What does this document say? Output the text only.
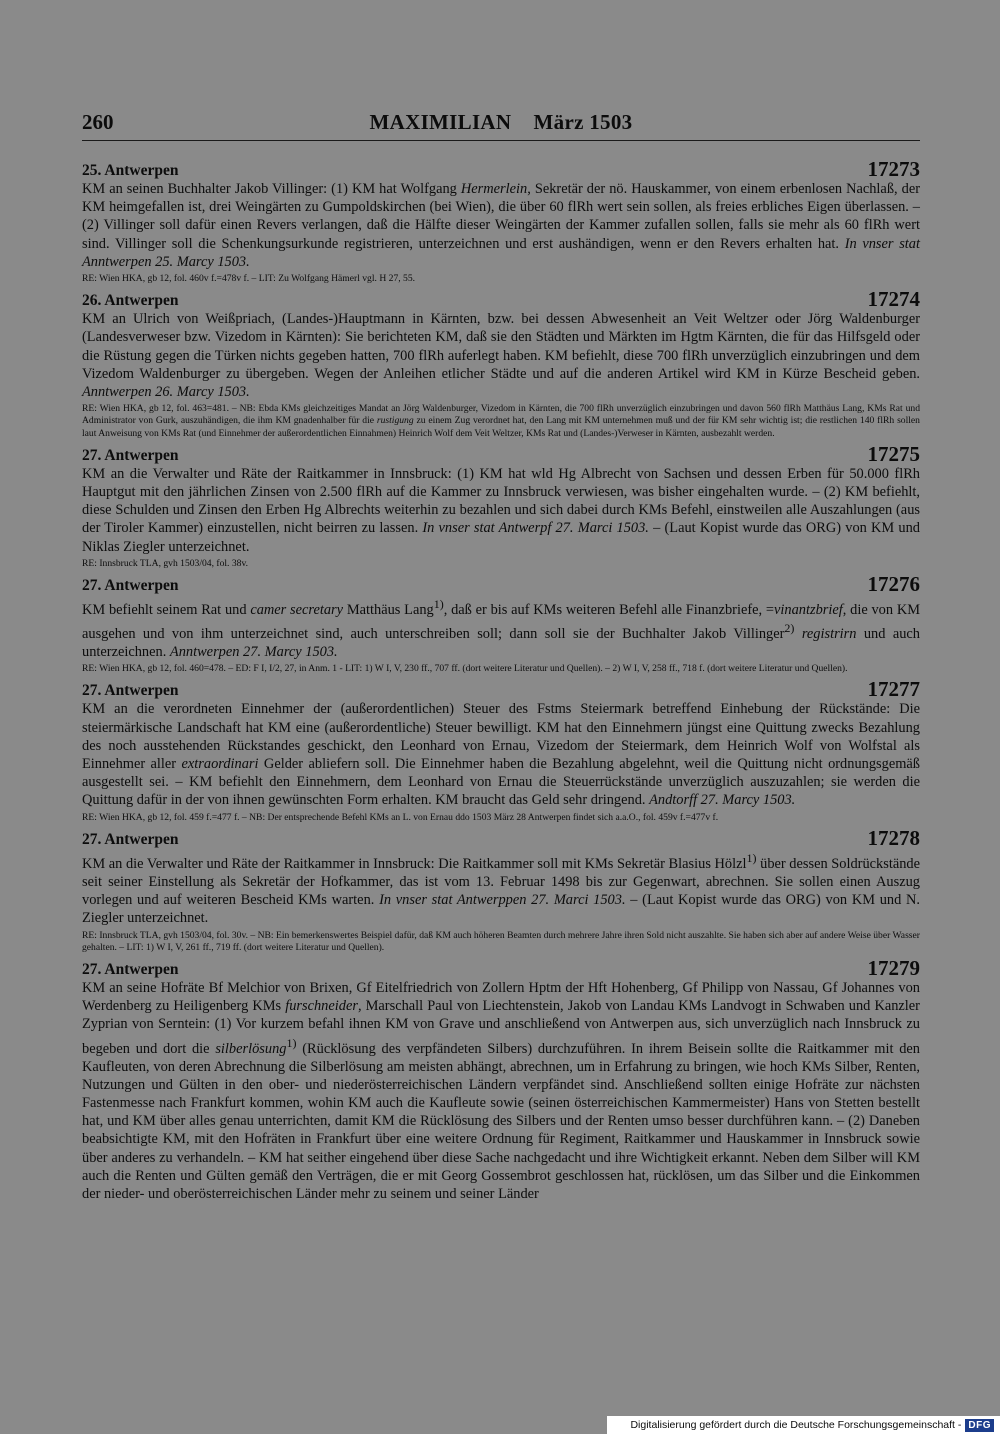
260	MAXIMILIAN    März 1503
25. Antwerpen	17273
KM an seinen Buchhalter Jakob Villinger: (1) KM hat Wolfgang Hermerlein, Sekretär der nö. Hauskammer, von einem erbenlosen Nachlaß, der KM heimgefallen ist, drei Weingärten zu Gumpoldskirchen (bei Wien), die über 60 flRh wert sein sollen, als freies erbliches Eigen überlassen. – (2) Villinger soll dafür einen Revers verlangen, daß die Hälfte dieser Weingärten der Kammer zufallen sollen, falls sie mehr als 60 flRh wert sind. Villinger soll die Schenkungsurkunde registrieren, unterzeichnen und erst aushändigen, wenn er den Revers erhalten hat. In vnser stat Anntwerpen 25. Marcy 1503.
RE: Wien HKA, gb 12, fol. 460v f.=478v f. – LIT: Zu Wolfgang Hämerl vgl. H 27, 55.
26. Antwerpen	17274
KM an Ulrich von Weißpriach, (Landes-)Hauptmann in Kärnten, bzw. bei dessen Abwesenheit an Veit Weltzer oder Jörg Waldenburger (Landesverweser bzw. Vizedom in Kärnten): Sie berichteten KM, daß sie den Städten und Märkten im Hgtm Kärnten, die für das Hilfsgeld oder die Rüstung gegen die Türken nichts gegeben hatten, 700 flRh auferlegt haben. KM befiehlt, diese 700 flRh unverzüglich einzubringen und dem Vizedom Waldenburger zu übergeben. Wegen der Anleihen etlicher Städte und auf die anderen Artikel wird KM in Kürze Bescheid geben. Anntwerpen 26. Marcy 1503.
RE: Wien HKA, gb 12, fol. 463=481. – NB: Ebda KMs gleichzeitiges Mandat an Jörg Waldenburger, Vizedom in Kärnten, die 700 flRh unverzüglich einzubringen und davon 560 flRh Matthäus Lang, KMs Rat und Administrator von Gurk, auszuhändigen, die ihm KM gnadenhalber für die rustigung zu einem Zug verordnet hat, den Lang mit KM unternehmen muß und der für KM sehr wichtig ist; die restlichen 140 flRh sollen laut Anweisung von KMs Rat (und Einnehmer der außerordentlichen Einnahmen) Heinrich Wolf dem Veit Weltzer, KMs Rat und (Landes-)Verweser in Kärnten, ausbezahlt werden.
27. Antwerpen	17275
KM an die Verwalter und Räte der Raitkammer in Innsbruck: (1) KM hat wld Hg Albrecht von Sachsen und dessen Erben für 50.000 flRh Hauptgut mit den jährlichen Zinsen von 2.500 flRh auf die Kammer zu Innsbruck verwiesen, was bisher eingehalten wurde. – (2) KM befiehlt, diese Schulden und Zinsen den Erben Hg Albrechts weiterhin zu bezahlen und sich dabei durch KMs Befehl, einstweilen alle Auszahlungen (aus der Tiroler Kammer) einzustellen, nicht beirren zu lassen. In vnser stat Antwerpf 27. Marci 1503. – (Laut Kopist wurde das ORG) von KM und Niklas Ziegler unterzeichnet.
RE: Innsbruck TLA, gvh 1503/04, fol. 38v.
27. Antwerpen	17276
KM befiehlt seinem Rat und camer secretary Matthäus Lang$^{1)}$, daß er bis auf KMs weiteren Befehl alle Finanzbriefe, =vinantzbrief, die von KM ausgehen und von ihm unterzeichnet sind, auch unterschreiben soll; dann soll sie der Buchhalter Jakob Villinger$^{2)}$ registrirn und auch unterzeichnen. Anntwerpen 27. Marcy 1503.
RE: Wien HKA, gb 12, fol. 460=478. – ED: F I, I/2, 27, in Anm. 1 - LIT: 1) W I, V, 230 ff., 707 ff. (dort weitere Literatur und Quellen). – 2) W I, V, 258 ff., 718 f. (dort weitere Literatur und Quellen).
27. Antwerpen	17277
KM an die verordneten Einnehmer der (außerordentlichen) Steuer des Fstms Steiermark betreffend Einhebung der Rückstände: Die steiermärkische Landschaft hat KM eine (außerordentliche) Steuer bewilligt. KM hat den Einnehmern jüngst eine Quittung zwecks Bezahlung des noch ausstehenden Rückstandes geschickt, den Leonhard von Ernau, Vizedom der Steiermark, dem Heinrich Wolf von Wolfstal als Einnehmer aller extraordinari Gelder abliefern soll. Die Einnehmer haben die Bezahlung abgelehnt, weil die Quittung nicht ordnungsgemäß ausgestellt sei. – KM befiehlt den Einnehmern, dem Leonhard von Ernau die Steuerrückstände unverzüglich auszuzahlen; sie werden die Quittung dafür in der von ihnen gewünschten Form erhalten. KM braucht das Geld sehr dringend. Andtorff 27. Marcy 1503.
RE: Wien HKA, gb 12, fol. 459 f.=477 f. – NB: Der entsprechende Befehl KMs an L. von Ernau ddo 1503 März 28 Antwerpen findet sich a.a.O., fol. 459v f.=477v f.
27. Antwerpen	17278
KM an die Verwalter und Räte der Raitkammer in Innsbruck: Die Raitkammer soll mit KMs Sekretär Blasius Hölzl$^{1)}$ über dessen Soldrückstände seit seiner Einstellung als Sekretär der Hofkammer, das ist vom 13. Februar 1498 bis zur Gegenwart, abrechnen. Sie sollen einen Auszug vorlegen und auf weiteren Bescheid KMs warten. In vnser stat Antwerppen 27. Marci 1503. – (Laut Kopist wurde das ORG) von KM und N. Ziegler unterzeichnet.
RE: Innsbruck TLA, gvh 1503/04, fol. 30v. – NB: Ein bemerkenswertes Beispiel dafür, daß KM auch höheren Beamten durch mehrere Jahre ihren Sold nicht auszahlte. Sie haben sich aber auf andere Weise über Wasser gehalten. – LIT: 1) W I, V, 261 ff., 719 ff. (dort weitere Literatur und Quellen).
27. Antwerpen	17279
KM an seine Hofräte Bf Melchior von Brixen, Gf Eitelfriedrich von Zollern Hptm der Hft Hohenberg, Gf Philipp von Nassau, Gf Johannes von Werdenberg zu Heiligenberg KMs furschneider, Marschall Paul von Liechtenstein, Jakob von Landau KMs Landvogt in Schwaben und Kanzler Zyprian von Serntein: (1) Vor kurzem befahl ihnen KM von Grave und anschließend von Antwerpen aus, sich unverzüglich nach Innsbruck zu begeben und dort die silberlösung$^{1)}$ (Rücklösung des verpfändeten Silbers) durchzuführen. In ihrem Beisein sollte die Raitkammer mit den Kaufleuten, von deren Abrechnung die Silberlösung am meisten abhängt, abrechnen, um in Erfahrung zu bringen, wie hoch KMs Silber, Renten, Nutzungen und Gülten in den ober- und niederösterreichischen Ländern verpfändet sind. Anschließend sollten einige Hofräte zur nächsten Fastenmesse nach Frankfurt kommen, wohin KM auch die Kaufleute sowie (seinen österreichischen Kammermeister) Hans von Stetten bestellt hat, und KM über alles genau unterrichten, damit KM die Rücklösung des Silbers und der Renten umso besser durchführen kann. – (2) Daneben beabsichtigte KM, mit den Hofräten in Frankfurt über eine weitere Ordnung für Regiment, Raitkammer und Hauskammer in Innsbruck sowie über anderes zu verhandeln. – KM hat seither eingehend über diese Sache nachgedacht und ihre Wichtigkeit erkannt. Neben dem Silber will KM auch die Renten und Gülten gemäß den Verträgen, die er mit Georg Gossembrot geschlossen hat, rücklösen, um das Silber und die Einkommen der nieder- und oberösterreichischen Länder mehr zu seinem und seiner Länder
Digitalisierung gefördert durch die Deutsche Forschungsgemeinschaft - DFG
